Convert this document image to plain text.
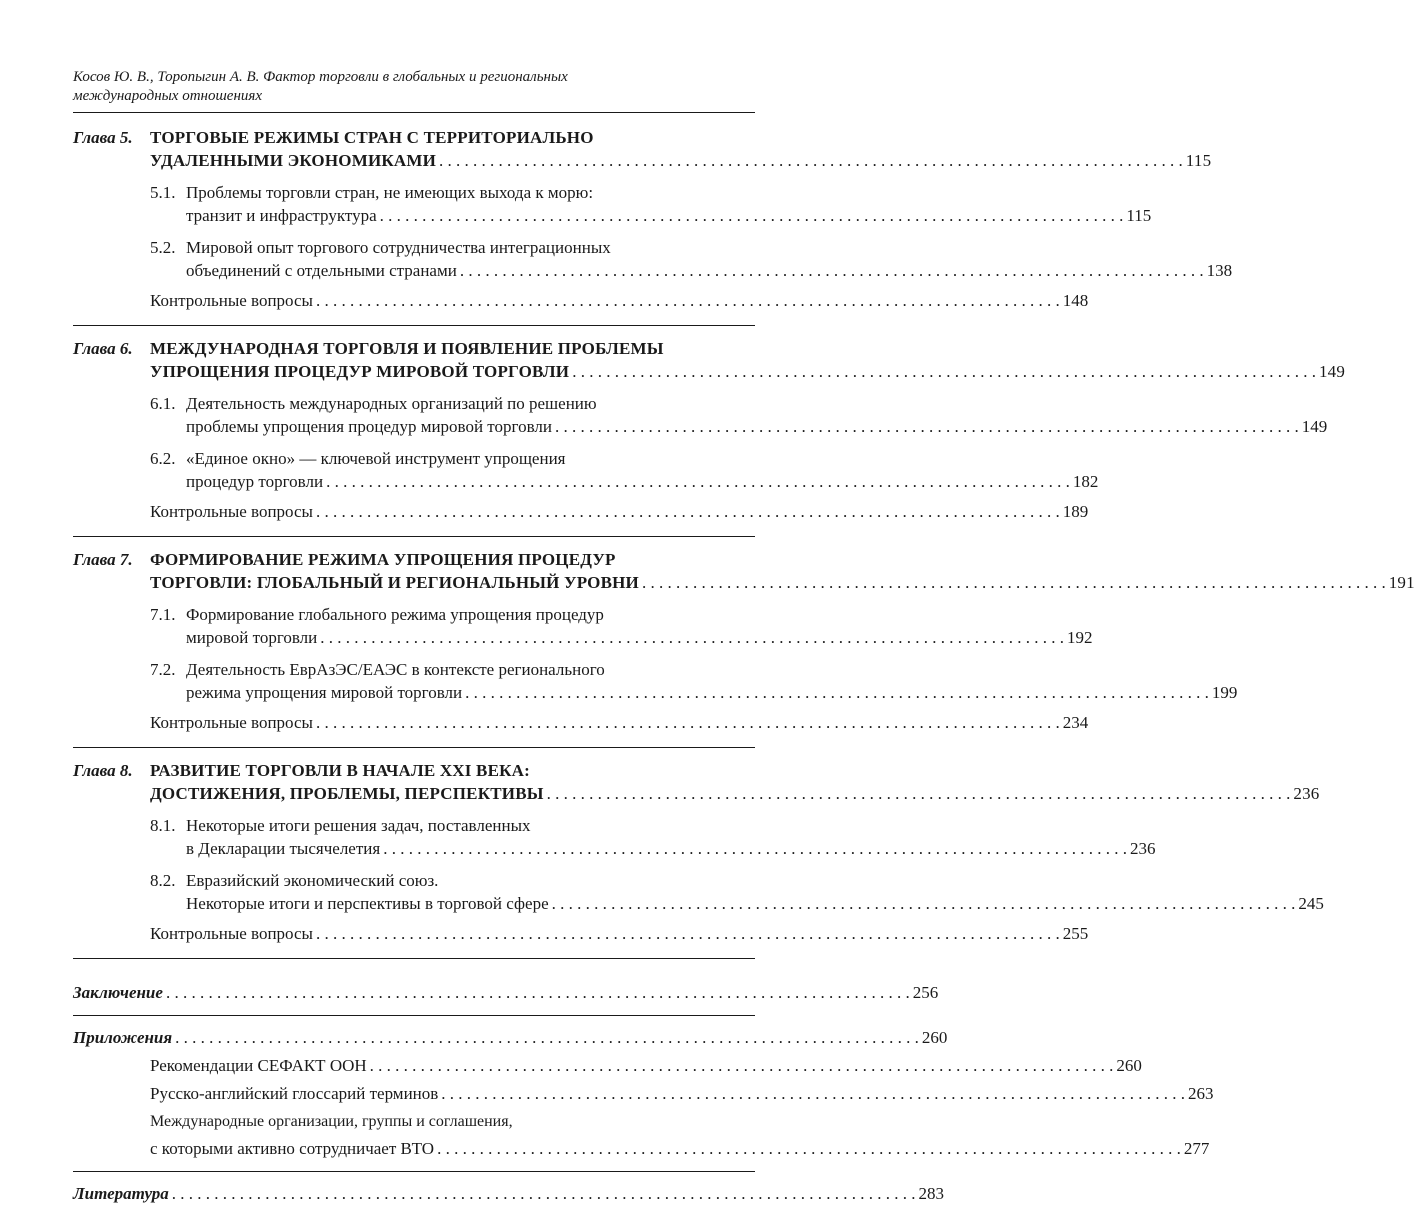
Косов Ю. В., Торопыгин А. В. Фактор торговли в глобальных и региональных
международных отношениях
Глава 5.	ТОРГОВЫЕ РЕЖИМЫ СТРАН С ТЕРРИТОРИАЛЬНО
УДАЛЕННЫМИ ЭКОНОМИКАМИ . . .	115
5.1. Проблемы торговли стран, не имеющих выхода к морю:
транзит и инфраструктура . . .	115
5.2. Мировой опыт торгового сотрудничества интеграционных
объединений с отдельными странами . . .	138
Контрольные вопросы . . .	148
Глава 6.	МЕЖДУНАРОДНАЯ ТОРГОВЛЯ И ПОЯВЛЕНИЕ ПРОБЛЕМЫ
УПРОЩЕНИЯ ПРОЦЕДУР МИРОВОЙ ТОРГОВЛИ . . .	149
6.1. Деятельность международных организаций по решению
проблемы упрощения процедур мировой торговли . . .	149
6.2. «Единое окно» — ключевой инструмент упрощения
процедур торговли . . .	182
Контрольные вопросы . . .	189
Глава 7.	ФОРМИРОВАНИЕ РЕЖИМА УПРОЩЕНИЯ ПРОЦЕДУР
ТОРГОВЛИ: ГЛОБАЛЬНЫЙ И РЕГИОНАЛЬНЫЙ УРОВНИ . . .	191
7.1. Формирование глобального режима упрощения процедур
мировой торговли . . .	192
7.2. Деятельность ЕврАзЭС/ЕАЭС в контексте регионального
режима упрощения мировой торговли . . .	199
Контрольные вопросы . . .	234
Глава 8.	РАЗВИТИЕ ТОРГОВЛИ В НАЧАЛЕ XXI ВЕКА:
ДОСТИЖЕНИЯ, ПРОБЛЕМЫ, ПЕРСПЕКТИВЫ . . .	236
8.1. Некоторые итоги решения задач, поставленных
в Декларации тысячелетия . . .	236
8.2. Евразийский экономический союз.
Некоторые итоги и перспективы в торговой сфере . . .	245
Контрольные вопросы . . .	255
Заключение . . .	256
Приложения . . .	260
Рекомендации СЕФАКТ ООН . . .	260
Русско-английский глоссарий терминов . . .	263
Международные организации, группы и соглашения,
с которыми активно сотрудничает ВТО . . .	277
Литература . . .	283
